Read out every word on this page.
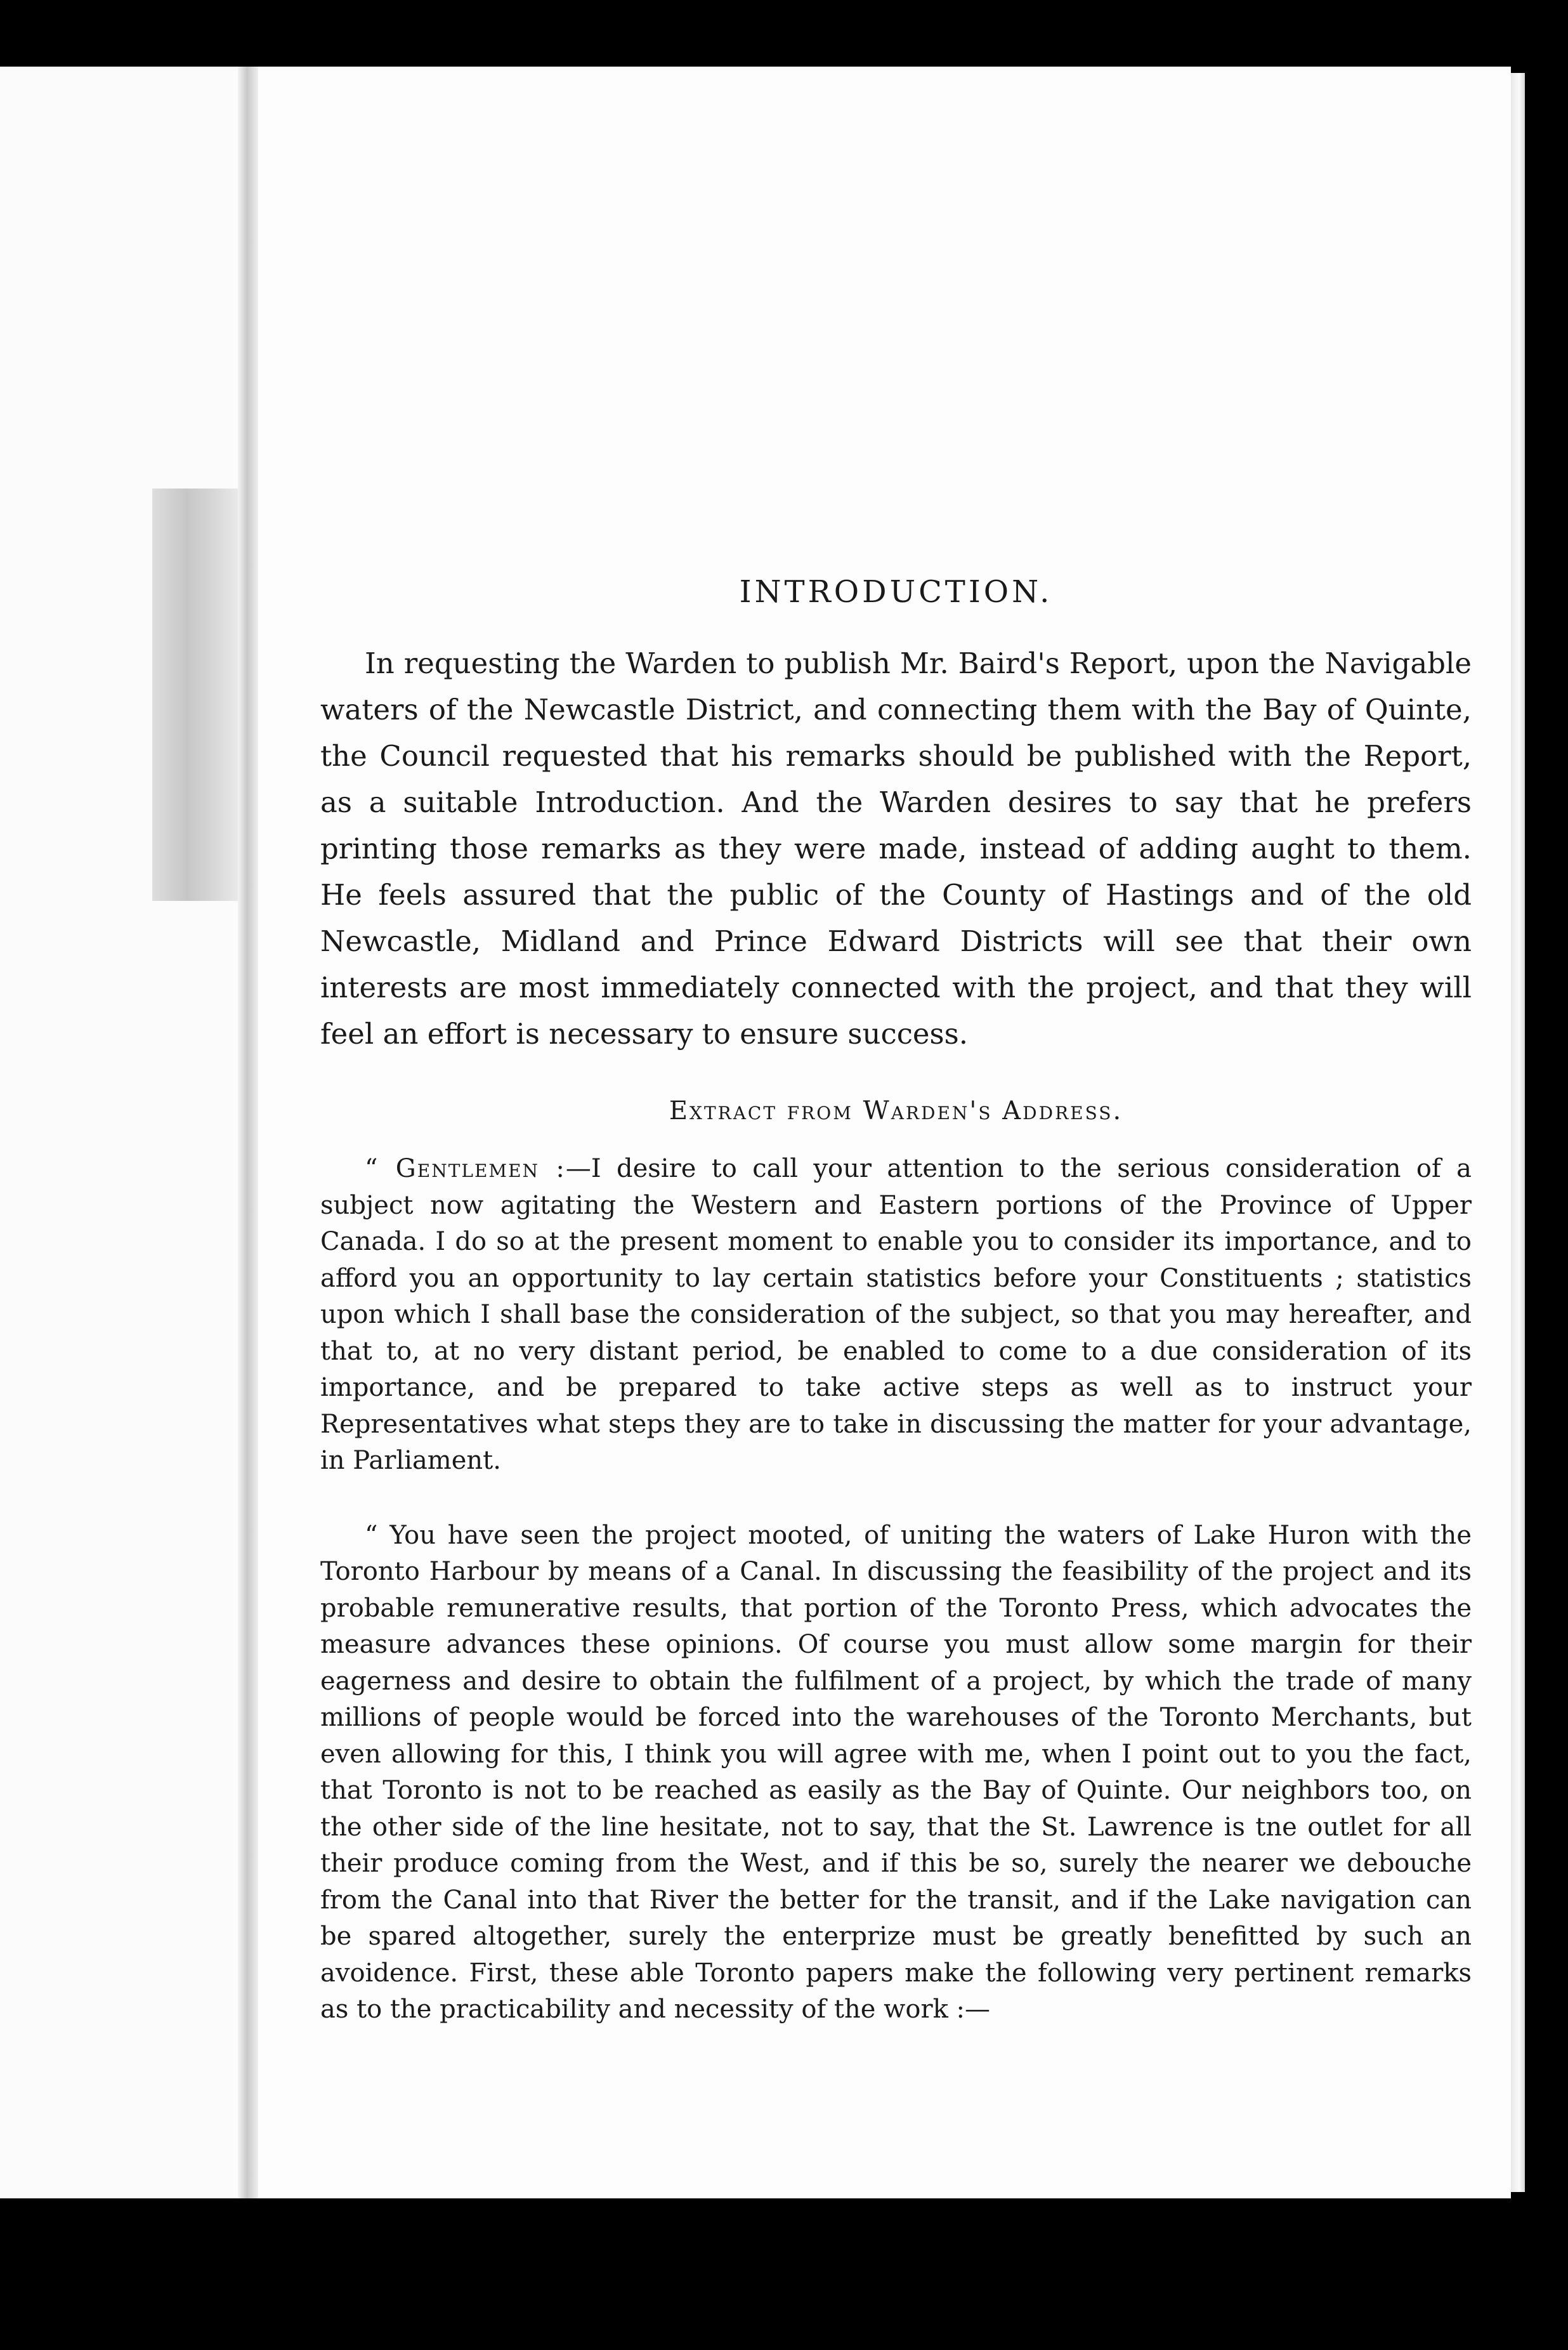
INTRODUCTION.

In requesting the Warden to publish Mr. Baird's Report, upon the Navigable waters of the Newcastle District, and connecting them with the Bay of Quinte, the Council requested that his remarks should be published with the Report, as a suitable Introduction. And the Warden desires to say that he prefers printing those remarks as they were made, instead of adding aught to them. He feels assured that the public of the County of Hastings and of the old Newcastle, Midland and Prince Edward Districts will see that their own interests are most immediately connected with the project, and that they will feel an effort is necessary to ensure success.

Extract from Warden's Address.

“ Gentlemen :—I desire to call your attention to the serious consideration of a subject now agitating the Western and Eastern portions of the Province of Upper Canada. I do so at the present moment to enable you to consider its importance, and to afford you an opportunity to lay certain statistics before your Constituents ; statistics upon which I shall base the consideration of the subject, so that you may hereafter, and that to, at no very distant period, be enabled to come to a due consideration of its importance, and be prepared to take active steps as well as to instruct your Representatives what steps they are to take in discussing the matter for your advantage, in Parliament.

“ You have seen the project mooted, of uniting the waters of Lake Huron with the Toronto Harbour by means of a Canal. In discussing the feasibility of the project and its probable remunerative results, that portion of the Toronto Press, which advocates the measure advances these opinions. Of course you must allow some margin for their eagerness and desire to obtain the fulfilment of a project, by which the trade of many millions of people would be forced into the warehouses of the Toronto Merchants, but even allowing for this, I think you will agree with me, when I point out to you the fact, that Toronto is not to be reached as easily as the Bay of Quinte. Our neighbors too, on the other side of the line hesitate, not to say, that the St. Lawrence is tne outlet for all their produce coming from the West, and if this be so, surely the nearer we debouche from the Canal into that River the better for the transit, and if the Lake navigation can be spared altogether, surely the enterprize must be greatly benefitted by such an avoidence. First, these able Toronto papers make the following very pertinent remarks as to the practicability and necessity of the work :—
